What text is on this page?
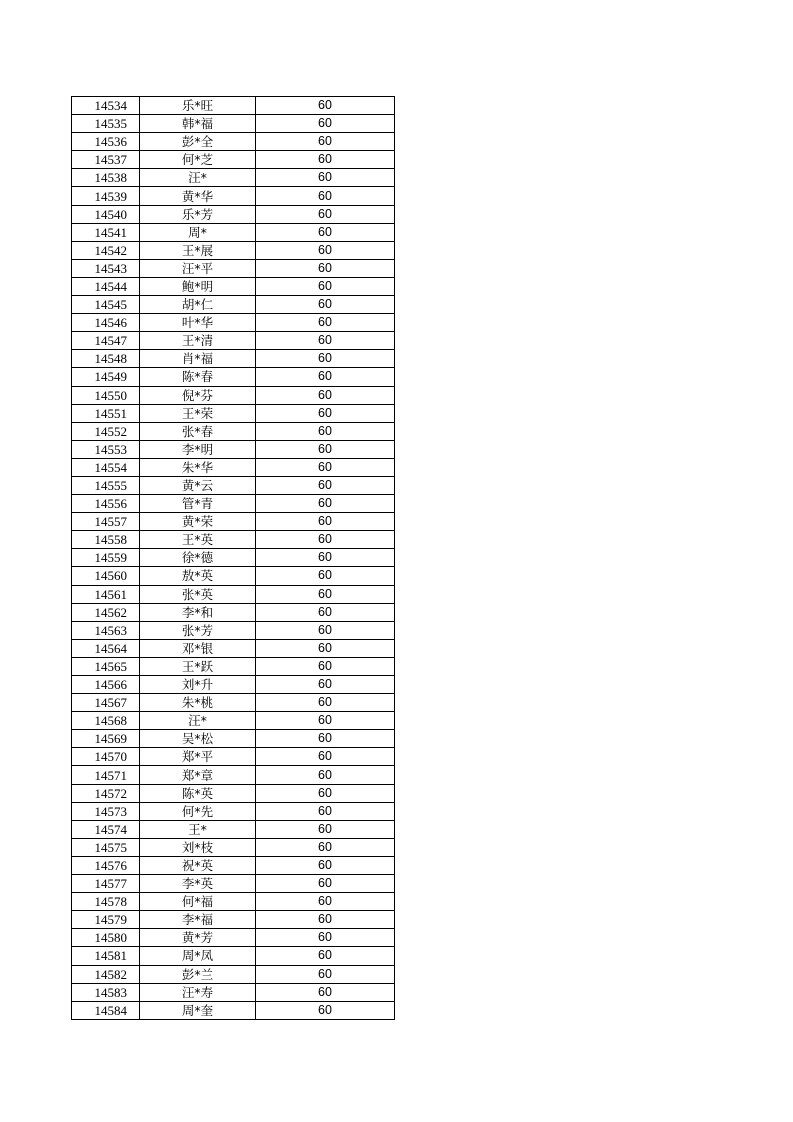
14534	乐*旺	60
14535	韩*福	60
14536	彭*全	60
14537	何*芝	60
14538	汪*	60
14539	黄*华	60
14540	乐*芳	60
14541	周*	60
14542	王*展	60
14543	汪*平	60
14544	鲍*明	60
14545	胡*仁	60
14546	叶*华	60
14547	王*清	60
14548	肖*福	60
14549	陈*春	60
14550	倪*芬	60
14551	王*荣	60
14552	张*春	60
14553	李*明	60
14554	朱*华	60
14555	黄*云	60
14556	管*青	60
14557	黄*荣	60
14558	王*英	60
14559	徐*德	60
14560	敖*英	60
14561	张*英	60
14562	李*和	60
14563	张*芳	60
14564	邓*银	60
14565	王*跃	60
14566	刘*升	60
14567	朱*桃	60
14568	汪*	60
14569	吴*松	60
14570	郑*平	60
14571	郑*章	60
14572	陈*英	60
14573	何*先	60
14574	王*	60
14575	刘*枝	60
14576	祝*英	60
14577	李*英	60
14578	何*福	60
14579	李*福	60
14580	黄*芳	60
14581	周*凤	60
14582	彭*兰	60
14583	汪*寿	60
14584	周*奎	60
